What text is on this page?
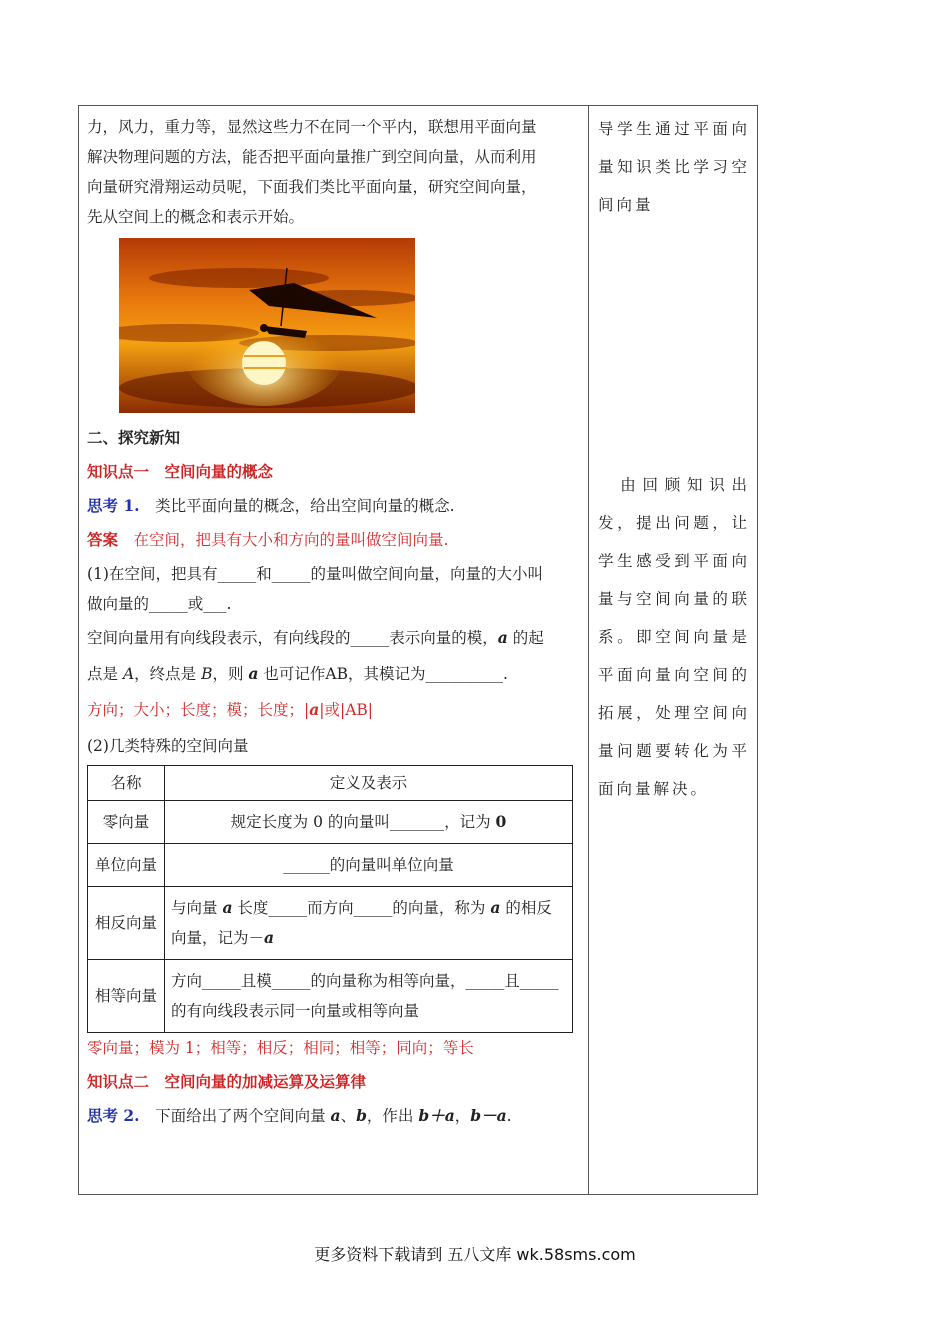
力，风力，重力等，显然这些力不在同一个平内，联想用平面向量

解决物理问题的方法，能否把平面向量推广到空间向量，从而利用

向量研究滑翔运动员呢，下面我们类比平面向量，研究空间向量，

先从空间上的概念和表示开始。

二、探究新知

知识点一　空间向量的概念

思考 1.　类比平面向量的概念，给出空间向量的概念.

答案　在空间，把具有大小和方向的量叫做空间向量.

(1)在空间，把具有_____和_____的量叫做空间向量，向量的大小叫

做向量的_____或___.

空间向量用有向线段表示，有向线段的_____表示向量的模，a 的起

点是 A，终点是 B，则 a 也可记作AB，其模记为__________.

方向；大小；长度；模；长度；|a|或|AB|

(2)几类特殊的空间向量

名称	定义及表示
零向量	规定长度为 0 的向量叫_______，记为 0
单位向量	______的向量叫单位向量
相反向量	与向量 a 长度_____而方向_____的向量，称为 a 的相反向量，记为－a
相等向量	方向_____且模_____的向量称为相等向量，_____且_____的有向线段表示同一向量或相等向量

零向量；模为 1；相等；相反；相同；相等；同向；等长

知识点二　空间向量的加减运算及运算律

思考 2.　下面给出了两个空间向量 a、b，作出 b＋a，b－a.

导学生通过平面向量知识类比学习空间向量

　由回顾知识出发，提出问题，让学生感受到平面向量与空间向量的联系。即空间向量是平面向量向空间的拓展，处理空间向量问题要转化为平面向量解决。

更多资料下载请到 五八文库 wk.58sms.com
